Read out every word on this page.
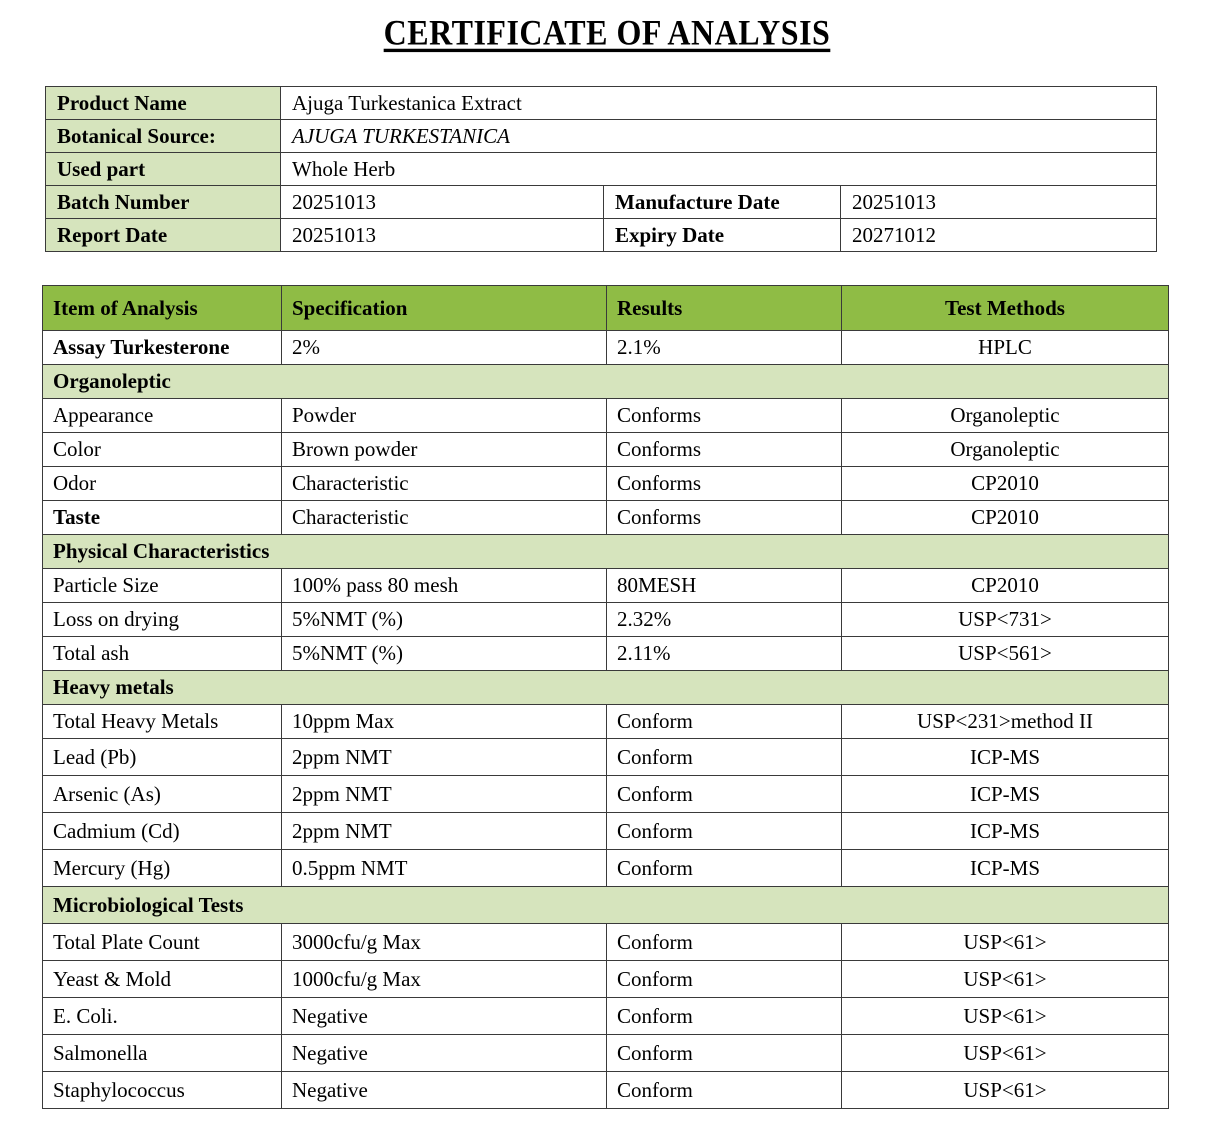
CERTIFICATE OF ANALYSIS
Product Name	Ajuga Turkestanica Extract		
Botanical Source:	AJUGA TURKESTANICA		
Used part	Whole Herb		
Batch Number	20251013	Manufacture Date	20251013
Report Date	20251013	Expiry Date	20271012
Item of Analysis	Specification	Results	Test Methods
Assay Turkesterone	2%	2.1%	HPLC
Organoleptic			
Appearance	Powder	Conforms	Organoleptic
Color	Brown powder	Conforms	Organoleptic
Odor	Characteristic	Conforms	CP2010
Taste	Characteristic	Conforms	CP2010
Physical Characteristics			
Particle Size	100% pass 80 mesh	80MESH	CP2010
Loss on drying	5%NMT (%)	2.32%	USP<731>
Total ash	5%NMT (%)	2.11%	USP<561>
Heavy metals			
Total Heavy Metals	10ppm Max	Conform	USP<231>method II
Lead (Pb)	2ppm NMT	Conform	ICP-MS
Arsenic (As)	2ppm NMT	Conform	ICP-MS
Cadmium (Cd)	2ppm NMT	Conform	ICP-MS
Mercury (Hg)	0.5ppm NMT	Conform	ICP-MS
Microbiological Tests			
Total Plate Count	3000cfu/g Max	Conform	USP<61>
Yeast & Mold	1000cfu/g Max	Conform	USP<61>
E. Coli.	Negative	Conform	USP<61>
Salmonella	Negative	Conform	USP<61>
Staphylococcus	Negative	Conform	USP<61>
